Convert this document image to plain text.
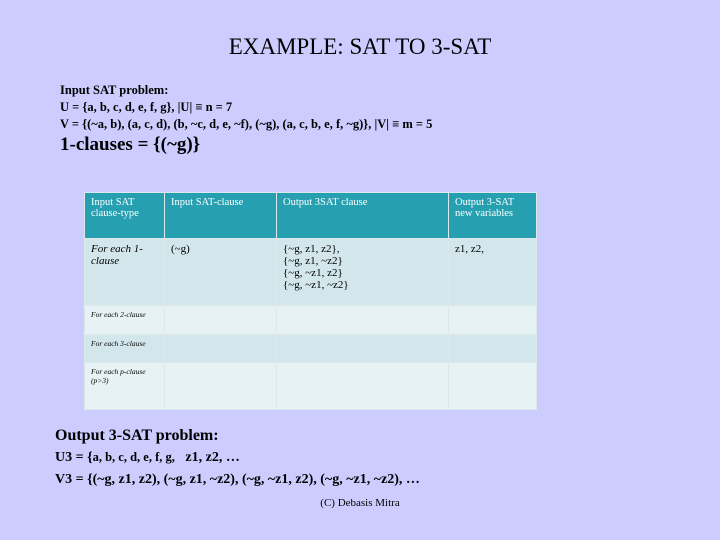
EXAMPLE: SAT TO 3-SAT
Input SAT problem:
U = {a, b, c, d, e, f, g}, |U| ≡ n = 7
V = {(~a, b), (a, c, d), (b, ~c, d, e, ~f), (~g), (a, c, b, e, f, ~g)}, |V| ≡ m = 5
1-clauses = {(~g)}
Input SAT clause-type	Input SAT-clause	Output 3SAT clause	Output 3-SAT new variables
For each 1-clause	(~g)	{~g, z1, z2},
{~g, z1, ~z2}
{~g, ~z1, z2}
{~g, ~z1, ~z2}	z1, z2,
For each 2-clause			
For each 3-clause			
For each p-clause (p>3)			
Output 3-SAT problem:
U3 = {a, b, c, d, e, f, g, z1, z2, …
V3 = {(~g, z1, z2), (~g, z1, ~z2), (~g, ~z1, z2), (~g, ~z1, ~z2), …
(C) Debasis Mitra
